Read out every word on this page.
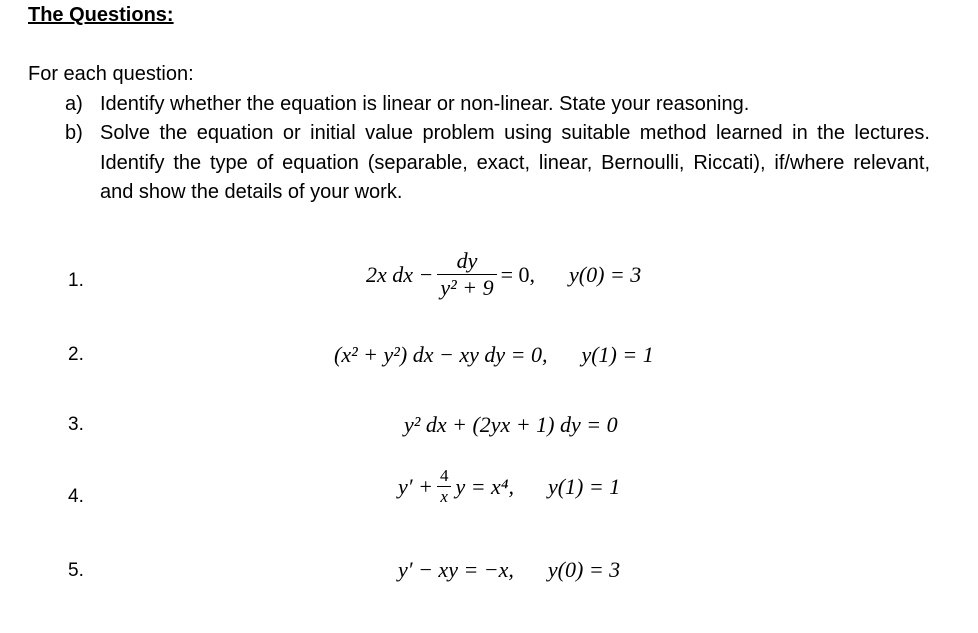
The Questions:
For each question:
a) Identify whether the equation is linear or non-linear. State your reasoning.
b) Solve the equation or initial value problem using suitable method learned in the lectures. Identify the type of equation (separable, exact, linear, Bernoulli, Riccati), if/where relevant, and show the details of your work.
1.	2x dx − $\frac{dy}{\text{y² + 9}} = 0$, y(0) = 3
2.	(x² + y²) dx − xy dy = 0, y(1) = 1
3.	y² dx + (2yx + 1) dy = 0
4.	$y' + \frac{4}{x}$ y = x⁴, y(1) = 1
5.	y′ − xy = −x, y(0) = 3
